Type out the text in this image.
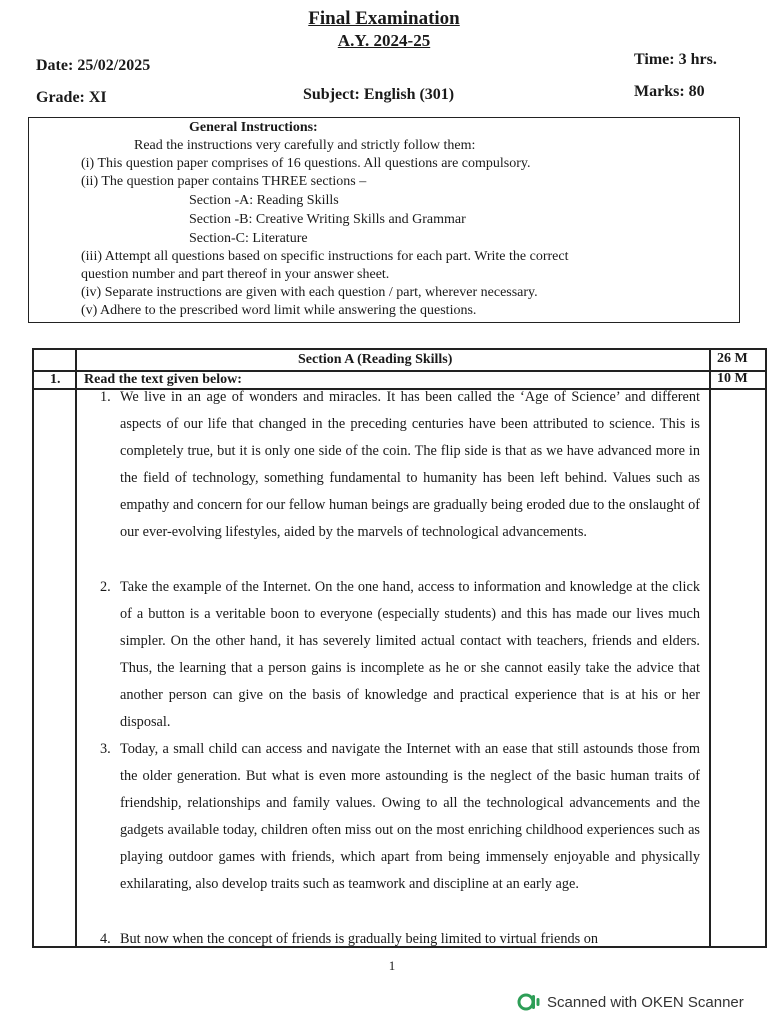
Final Examination
A.Y. 2024-25
Date: 25/02/2025	Time: 3 hrs.
Grade: XI	Subject: English (301)	Marks: 80
General Instructions:
Read the instructions very carefully and strictly follow them:
(i) This question paper comprises of 16 questions. All questions are compulsory.
(ii) The question paper contains THREE sections –
Section -A: Reading Skills
Section -B: Creative Writing Skills and Grammar
Section-C: Literature
(iii) Attempt all questions based on specific instructions for each part. Write the correct
question number and part thereof in your answer sheet.
(iv) Separate instructions are given with each question / part, wherever necessary.
(v) Adhere to the prescribed word limit while answering the questions.
Section A (Reading Skills)	26 M
1. Read the text given below:	10 M
1. We live in an age of wonders and miracles. It has been called the ‘Age of Science’ and different aspects of our life that changed in the preceding centuries have been attributed to science. This is completely true, but it is only one side of the coin. The flip side is that as we have advanced more in the field of technology, something fundamental to humanity has been left behind. Values such as empathy and concern for our fellow human beings are gradually being eroded due to the onslaught of our ever-evolving lifestyles, aided by the marvels of technological advancements.
2. Take the example of the Internet. On the one hand, access to information and knowledge at the click of a button is a veritable boon to everyone (especially students) and this has made our lives much simpler. On the other hand, it has severely limited actual contact with teachers, friends and elders. Thus, the learning that a person gains is incomplete as he or she cannot easily take the advice that another person can give on the basis of knowledge and practical experience that is at his or her disposal.
3. Today, a small child can access and navigate the Internet with an ease that still astounds those from the older generation. But what is even more astounding is the neglect of the basic human traits of friendship, relationships and family values. Owing to all the technological advancements and the gadgets available today, children often miss out on the most enriching childhood experiences such as playing outdoor games with friends, which apart from being immensely enjoyable and physically exhilarating, also develop traits such as teamwork and discipline at an early age.
4. But now when the concept of friends is gradually being limited to virtual friends on
1
Scanned with OKEN Scanner
